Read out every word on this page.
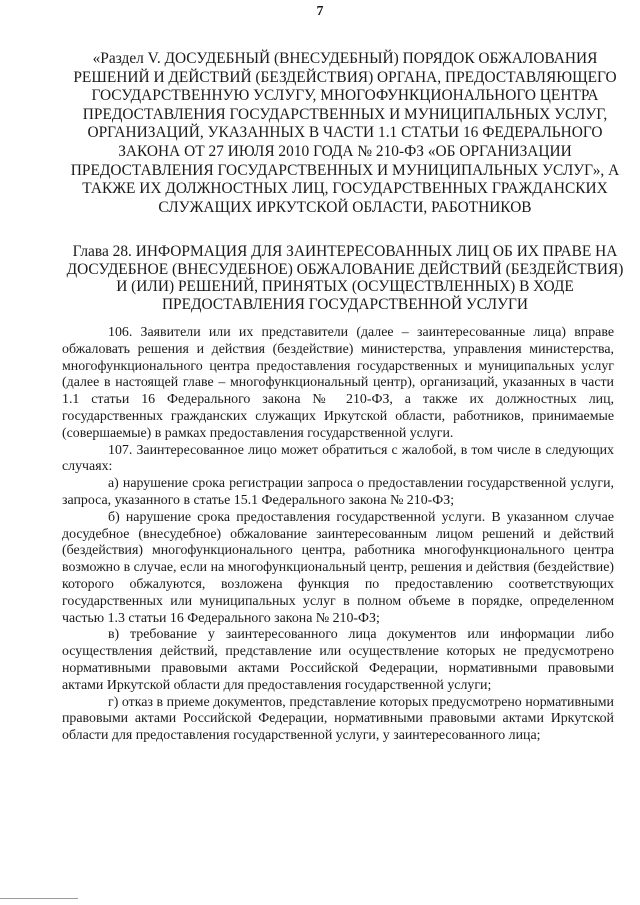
7
«Раздел V. ДОСУДЕБНЫЙ (ВНЕСУДЕБНЫЙ) ПОРЯДОК ОБЖАЛОВАНИЯ РЕШЕНИЙ И ДЕЙСТВИЙ (БЕЗДЕЙСТВИЯ) ОРГАНА, ПРЕДОСТАВЛЯЮЩЕГО ГОСУДАРСТВЕННУЮ УСЛУГУ, МНОГОФУНКЦИОНАЛЬНОГО ЦЕНТРА ПРЕДОСТАВЛЕНИЯ ГОСУДАРСТВЕННЫХ И МУНИЦИПАЛЬНЫХ УСЛУГ, ОРГАНИЗАЦИЙ, УКАЗАННЫХ В ЧАСТИ 1.1 СТАТЬИ 16 ФЕДЕРАЛЬНОГО ЗАКОНА ОТ 27 ИЮЛЯ 2010 ГОДА № 210-ФЗ «ОБ ОРГАНИЗАЦИИ ПРЕДОСТАВЛЕНИЯ ГОСУДАРСТВЕННЫХ И МУНИЦИПАЛЬНЫХ УСЛУГ», А ТАКЖЕ ИХ ДОЛЖНОСТНЫХ ЛИЦ, ГОСУДАРСТВЕННЫХ ГРАЖДАНСКИХ СЛУЖАЩИХ ИРКУТСКОЙ ОБЛАСТИ, РАБОТНИКОВ
Глава 28. ИНФОРМАЦИЯ ДЛЯ ЗАИНТЕРЕСОВАННЫХ ЛИЦ ОБ ИХ ПРАВЕ НА ДОСУДЕБНОЕ (ВНЕСУДЕБНОЕ) ОБЖАЛОВАНИЕ ДЕЙСТВИЙ (БЕЗДЕЙСТВИЯ) И (ИЛИ) РЕШЕНИЙ, ПРИНЯТЫХ (ОСУЩЕСТВЛЕННЫХ) В ХОДЕ ПРЕДОСТАВЛЕНИЯ ГОСУДАРСТВЕННОЙ УСЛУГИ

106. Заявители или их представители (далее – заинтересованные лица) вправе обжаловать решения и действия (бездействие) министерства, управления министерства, многофункционального центра предоставления государственных и муниципальных услуг (далее в настоящей главе – многофункциональный центр), организаций, указанных в части 1.1 статьи 16 Федерального закона № 210-ФЗ, а также их должностных лиц, государственных гражданских служащих Иркутской области, работников, принимаемые (совершаемые) в рамках предоставления государственной услуги.

107. Заинтересованное лицо может обратиться с жалобой, в том числе в следующих случаях:

а) нарушение срока регистрации запроса о предоставлении государственной услуги, запроса, указанного в статье 15.1 Федерального закона № 210-ФЗ;

б) нарушение срока предоставления государственной услуги. В указанном случае досудебное (внесудебное) обжалование заинтересованным лицом решений и действий (бездействия) многофункционального центра, работника многофункционального центра возможно в случае, если на многофункциональный центр, решения и действия (бездействие) которого обжалуются, возложена функция по предоставлению соответствующих государственных или муниципальных услуг в полном объеме в порядке, определенном частью 1.3 статьи 16 Федерального закона № 210-ФЗ;

в) требование у заинтересованного лица документов или информации либо осуществления действий, представление или осуществление которых не предусмотрено нормативными правовыми актами Российской Федерации, нормативными правовыми актами Иркутской области для предоставления государственной услуги;

г) отказ в приеме документов, представление которых предусмотрено нормативными правовыми актами Российской Федерации, нормативными правовыми актами Иркутской области для предоставления государственной услуги, у заинтересованного лица;
